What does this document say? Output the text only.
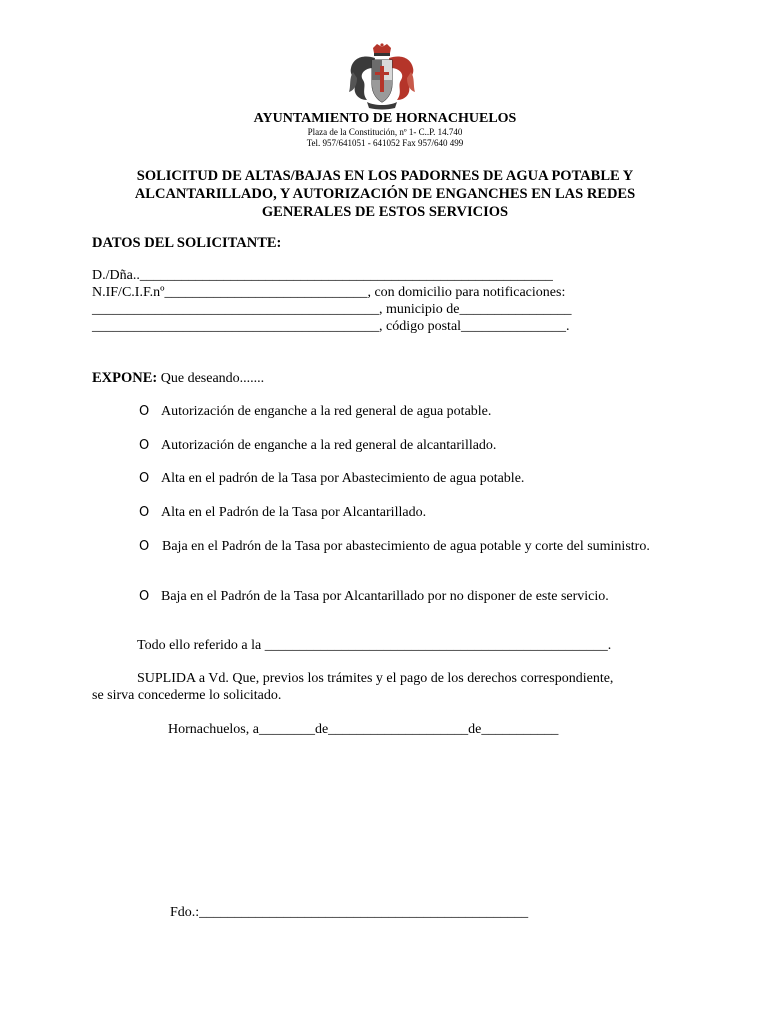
AYUNTAMIENTO DE HORNACHUELOS
Plaza de la Constitución, nº 1- C..P. 14.740
Tel. 957/641051 - 641052 Fax 957/640 499
SOLICITUD DE ALTAS/BAJAS EN LOS PADORNES DE AGUA POTABLE Y
ALCANTARILLADO, Y AUTORIZACIÓN DE ENGANCHES EN LAS REDES
GENERALES DE ESTOS SERVICIOS
DATOS DEL SOLICITANTE:
D./Dña..___________________________________________________________
N.IF/C.I.F.nº_____________________________, con domicilio para notificaciones:
_________________________________________, municipio de________________
_________________________________________, código postal_______________.
EXPONE: Que deseando.......
O Autorización de enganche a la red general de agua potable.
O Autorización de enganche a la red general de alcantarillado.
O Alta en el padrón de la Tasa por Abastecimiento de agua potable.
O Alta en el Padrón de la Tasa por Alcantarillado.
O Baja en el Padrón de la Tasa por abastecimiento de agua potable y corte del suministro.
O Baja en el Padrón de la Tasa por Alcantarillado por no disponer de este servicio.
Todo ello referido a la _________________________________________________.
SUPLIDA a Vd. Que, previos los trámites y el pago de los derechos correspondiente,
se sirva concederme lo solicitado.
Hornachuelos, a________de____________________de___________
Fdo.:_______________________________________________
